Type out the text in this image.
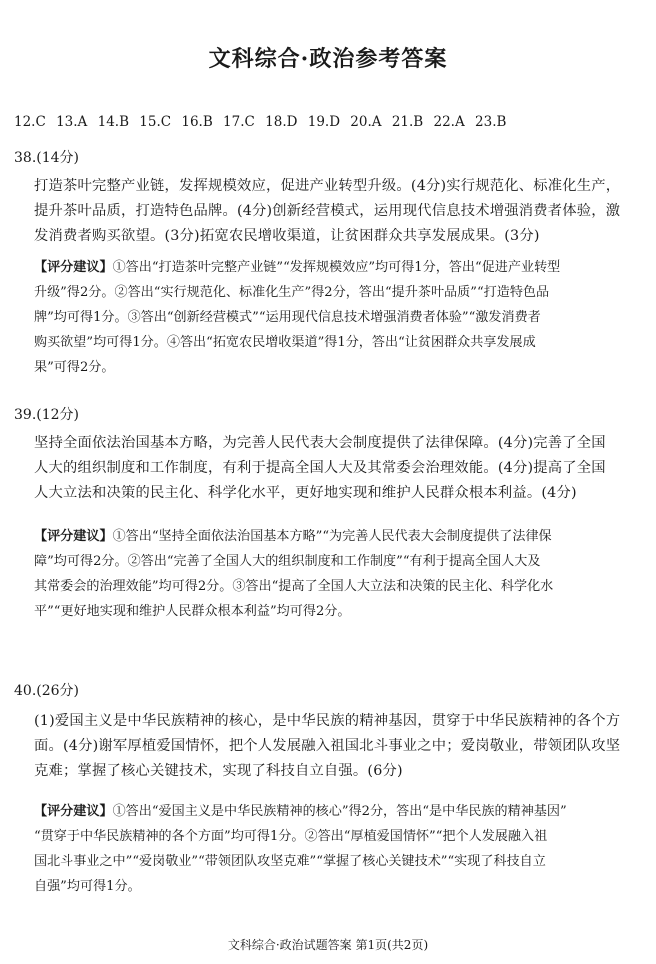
文科综合·政治参考答案
12.C 13.A 14.B 15.C 16.B 17.C 18.D 19.D 20.A 21.B 22.A 23.B
38.(14分)

打造茶叶完整产业链，发挥规模效应，促进产业转型升级。(4分)实行规范化、标准化生产，

提升茶叶品质，打造特色品牌。(4分)创新经营模式，运用现代信息技术增强消费者体验，激

发消费者购买欲望。(3分)拓宽农民增收渠道，让贫困群众共享发展成果。(3分)

【评分建议】①答出“打造茶叶完整产业链”“发挥规模效应”均可得1分，答出“促进产业转型

升级”得2分。②答出“实行规范化、标准化生产”得2分，答出“提升茶叶品质”“打造特色品

牌”均可得1分。③答出“创新经营模式”“运用现代信息技术增强消费者体验”“激发消费者

购买欲望”均可得1分。④答出“拓宽农民增收渠道”得1分，答出“让贫困群众共享发展成

果”可得2分。

39.(12分)

坚持全面依法治国基本方略，为完善人民代表大会制度提供了法律保障。(4分)完善了全国

人大的组织制度和工作制度，有利于提高全国人大及其常委会治理效能。(4分)提高了全国

人大立法和决策的民主化、科学化水平，更好地实现和维护人民群众根本利益。(4分)

【评分建议】①答出“坚持全面依法治国基本方略”“为完善人民代表大会制度提供了法律保

障”均可得2分。②答出“完善了全国人大的组织制度和工作制度”“有利于提高全国人大及

其常委会的治理效能”均可得2分。③答出“提高了全国人大立法和决策的民主化、科学化水

平”“更好地实现和维护人民群众根本利益”均可得2分。

40.(26分)

(1)爱国主义是中华民族精神的核心，是中华民族的精神基因，贯穿于中华民族精神的各个方

面。(4分)谢军厚植爱国情怀，把个人发展融入祖国北斗事业之中；爱岗敬业，带领团队攻坚

克难；掌握了核心关键技术，实现了科技自立自强。(6分)

【评分建议】①答出“爱国主义是中华民族精神的核心”得2分，答出“是中华民族的精神基因”

“贯穿于中华民族精神的各个方面”均可得1分。②答出“厚植爱国情怀”“把个人发展融入祖

国北斗事业之中”“爱岗敬业”“带领团队攻坚克难”“掌握了核心关键技术”“实现了科技自立

自强”均可得1分。

文科综合·政治试题答案 第1页(共2页)
